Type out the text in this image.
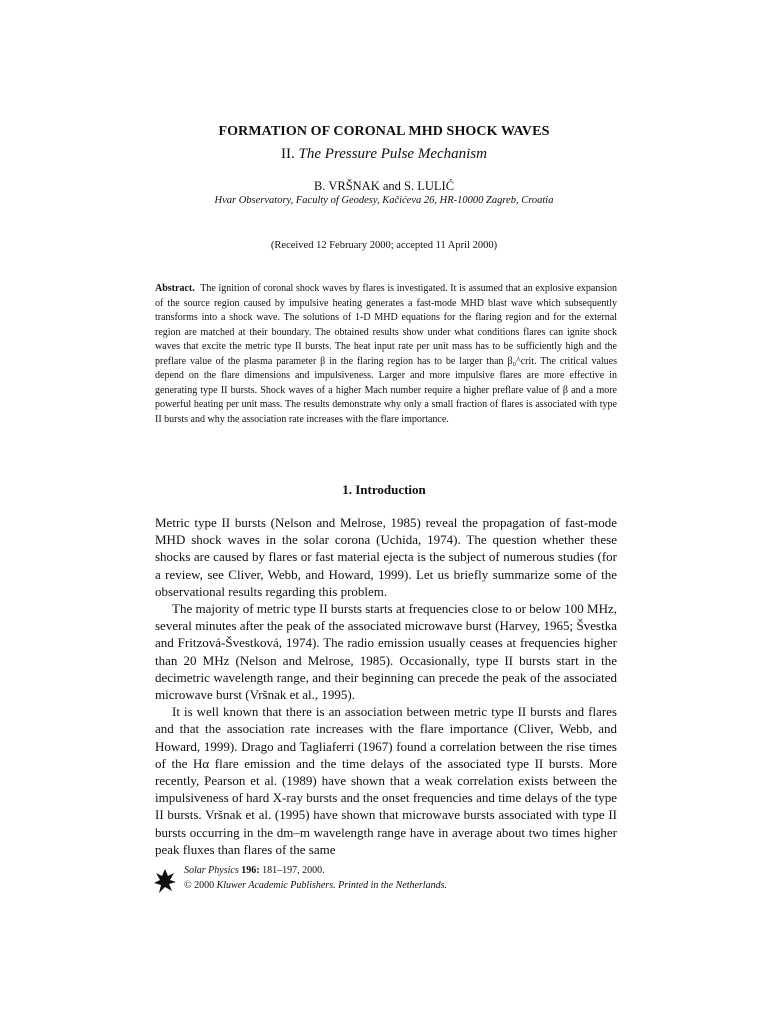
FORMATION OF CORONAL MHD SHOCK WAVES
II. The Pressure Pulse Mechanism
B. VRŠNAK and S. LULIĆ
Hvar Observatory, Faculty of Geodesy, Kačićeva 26, HR-10000 Zagreb, Croatia
(Received 12 February 2000; accepted 11 April 2000)
Abstract. The ignition of coronal shock waves by flares is investigated. It is assumed that an explosive expansion of the source region caused by impulsive heating generates a fast-mode MHD blast wave which subsequently transforms into a shock wave. The solutions of 1-D MHD equations for the flaring region and for the external region are matched at their boundary. The obtained results show under what conditions flares can ignite shock waves that excite the metric type II bursts. The heat input rate per unit mass has to be sufficiently high and the preflare value of the plasma parameter β in the flaring region has to be larger than β₀^crit. The critical values depend on the flare dimensions and impulsiveness. Larger and more impulsive flares are more effective in generating type II bursts. Shock waves of a higher Mach number require a higher preflare value of β and a more powerful heating per unit mass. The results demonstrate why only a small fraction of flares is associated with type II bursts and why the association rate increases with the flare importance.
1. Introduction

Metric type II bursts (Nelson and Melrose, 1985) reveal the propagation of fast-mode MHD shock waves in the solar corona (Uchida, 1974). The question whether these shocks are caused by flares or fast material ejecta is the subject of numerous studies (for a review, see Cliver, Webb, and Howard, 1999). Let us briefly summarize some of the observational results regarding this problem.

The majority of metric type II bursts starts at frequencies close to or below 100 MHz, several minutes after the peak of the associated microwave burst (Harvey, 1965; Švestka and Fritzová-Švestková, 1974). The radio emission usually ceases at frequencies higher than 20 MHz (Nelson and Melrose, 1985). Occasionally, type II bursts start in the decimetric wavelength range, and their beginning can precede the peak of the associated microwave burst (Vršnak et al., 1995).

It is well known that there is an association between metric type II bursts and flares and that the association rate increases with the flare importance (Cliver, Webb, and Howard, 1999). Drago and Tagliaferri (1967) found a correlation between the rise times of the Hα flare emission and the time delays of the associated type II bursts. More recently, Pearson et al. (1989) have shown that a weak correlation exists between the impulsiveness of hard X-ray bursts and the onset frequencies and time delays of the type II bursts. Vršnak et al. (1995) have shown that microwave bursts associated with type II bursts occurring in the dm–m wavelength range have in average about two times higher peak fluxes than flares of the same

Solar Physics 196: 181–197, 2000.
© 2000 Kluwer Academic Publishers. Printed in the Netherlands.
